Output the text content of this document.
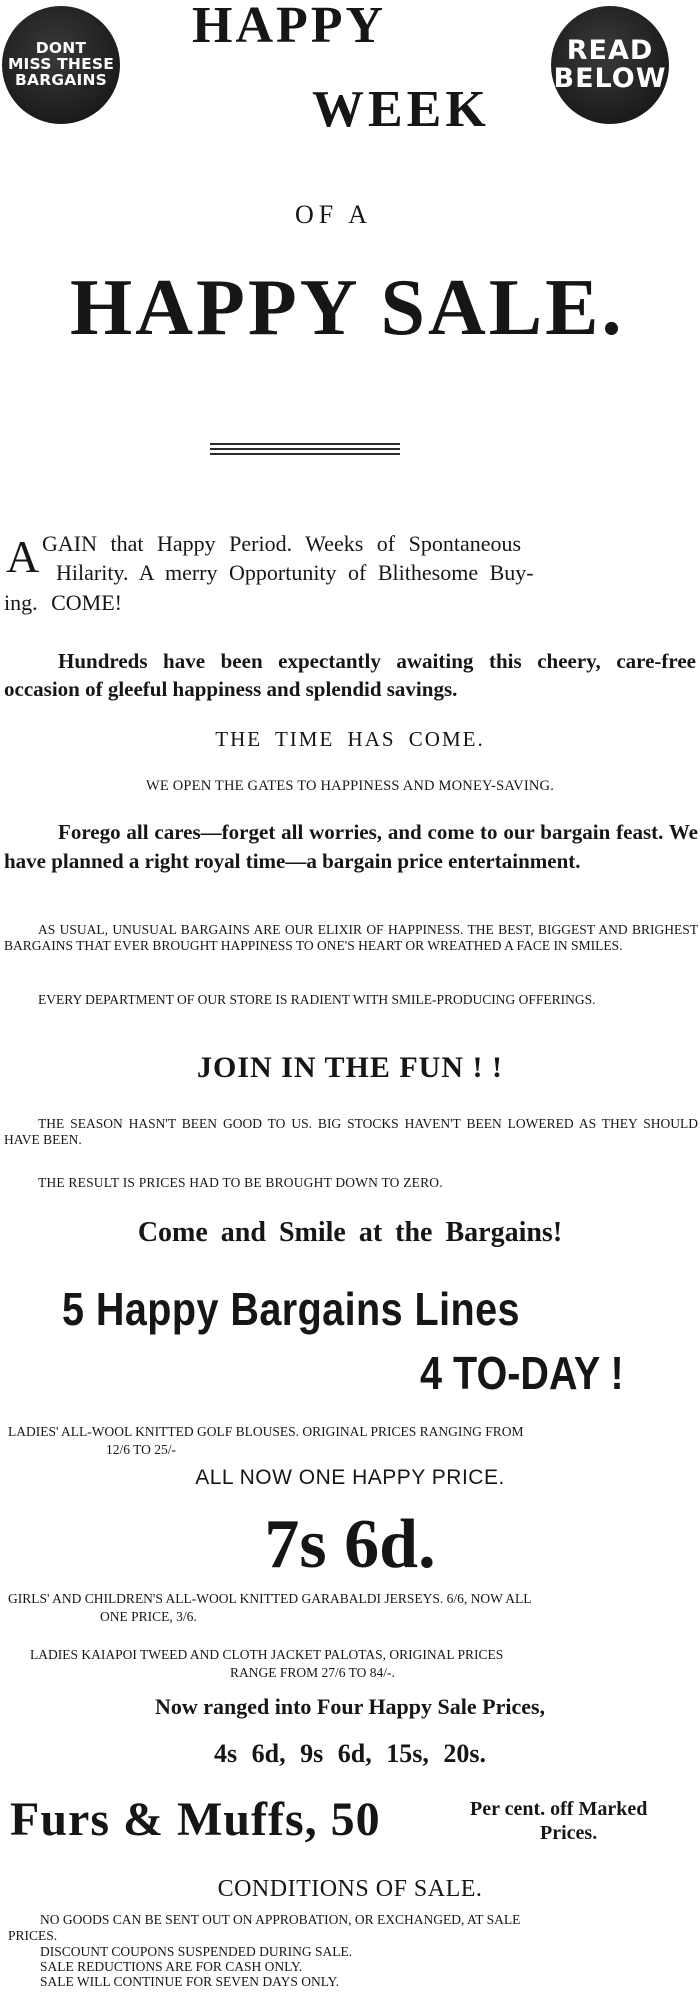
DONT
MISS THESE
BARGAINS
READ
BELOW
HAPPY
WEEK
OF A
HAPPY SALE.
A GAIN that Happy Period. Weeks of Spontaneous
Hilarity. A merry Opportunity of Blithesome Buy-
ing. COME!
Hundreds have been expectantly awaiting this cheery, care-free occasion of gleeful happiness and splendid savings.
THE TIME HAS COME.
WE OPEN THE GATES TO HAPPINESS AND MONEY-SAVING.
Forego all cares—forget all worries, and come to our bargain feast. We have planned a right royal time—a bargain price entertainment.
AS USUAL, UNUSUAL BARGAINS ARE OUR ELIXIR OF HAPPINESS. THE BEST, BIGGEST AND BRIGHEST BARGAINS THAT EVER BROUGHT HAPPINESS TO ONE'S HEART OR WREATHED A FACE IN SMILES.
EVERY DEPARTMENT OF OUR STORE IS RADIENT WITH SMILE-PRODUCING OFFERINGS.
JOIN IN THE FUN ! !
THE SEASON HASN'T BEEN GOOD TO US. BIG STOCKS HAVEN'T BEEN LOWERED AS THEY SHOULD HAVE BEEN.
THE RESULT IS PRICES HAD TO BE BROUGHT DOWN TO ZERO.
Come and Smile at the Bargains!
5 Happy Bargains Lines
4 TO-DAY !
LADIES' ALL-WOOL KNITTED GOLF BLOUSES. ORIGINAL PRICES RANGING FROM
12/6 TO 25/-
ALL NOW ONE HAPPY PRICE.
7s 6d.
GIRLS' AND CHILDREN'S ALL-WOOL KNITTED GARABALDI JERSEYS. 6/6, NOW ALL
ONE PRICE, 3/6.
LADIES KAIAPOI TWEED AND CLOTH JACKET PALOTAS, ORIGINAL PRICES
RANGE FROM 27/6 TO 84/-.
Now ranged into Four Happy Sale Prices,
4s 6d, 9s 6d, 15s, 20s.
Furs & Muffs, 50	Per cent. off Marked
Prices.
CONDITIONS OF SALE.
NO GOODS CAN BE SENT OUT ON APPROBATION, OR EXCHANGED, AT SALE
PRICES.
DISCOUNT COUPONS SUSPENDED DURING SALE.
SALE REDUCTIONS ARE FOR CASH ONLY.
SALE WILL CONTINUE FOR SEVEN DAYS ONLY.
